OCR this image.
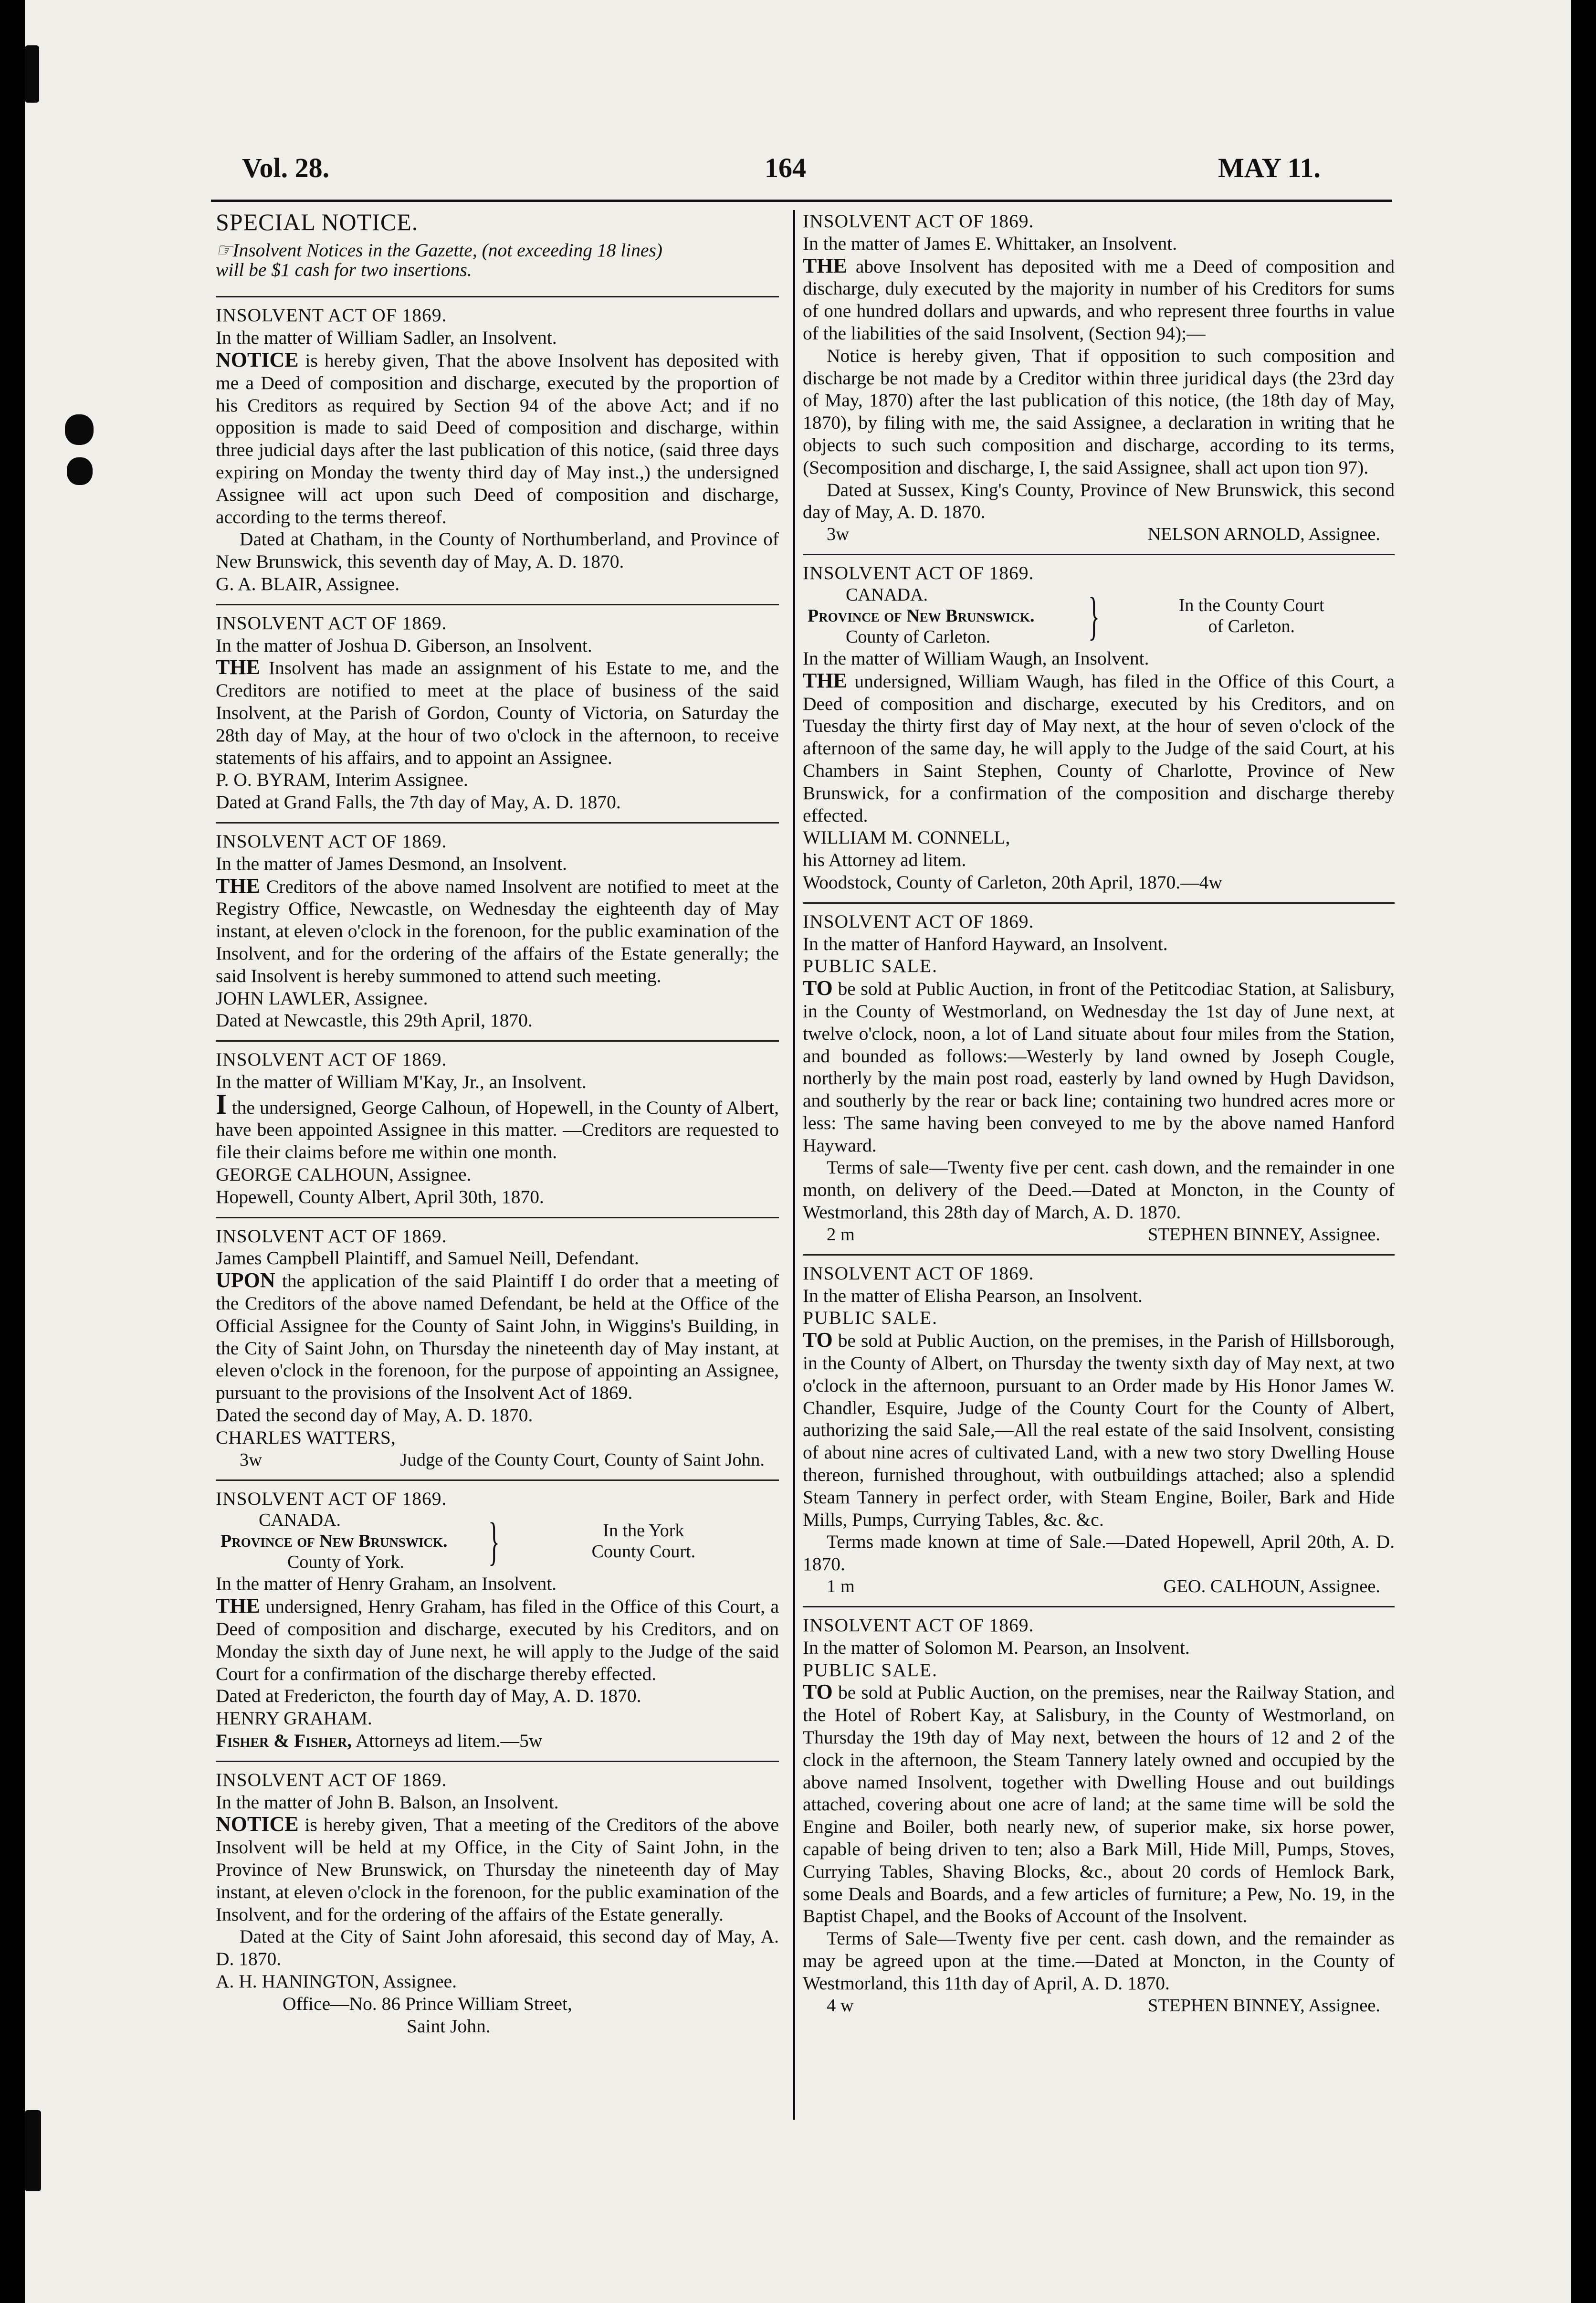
Vol. 28.	164	MAY 11.

SPECIAL NOTICE.

☞Insolvent Notices in the Gazette, (not exceeding 18 lines)

will be $1 cash for two insertions.

INSOLVENT ACT OF 1869.

In the matter of William Sadler, an Insolvent.

NOTICE is hereby given, That the above Insolvent has deposited with me a Deed of composition and discharge, executed by the proportion of his Creditors as required by Section 94 of the above Act; and if no opposition is made to said Deed of composition and discharge, within three judicial days after the last publication of this notice, (said three days expiring on Monday the twenty third day of May inst.,) the undersigned Assignee will act upon such Deed of composition and discharge, according to the terms thereof.

Dated at Chatham, in the County of Northumberland, and Province of New Brunswick, this seventh day of May, A. D. 1870.

G. A. BLAIR, Assignee.

INSOLVENT ACT OF 1869.

In the matter of Joshua D. Giberson, an Insolvent.

THE Insolvent has made an assignment of his Estate to me, and the Creditors are notified to meet at the place of business of the said Insolvent, at the Parish of Gordon, County of Victoria, on Saturday the 28th day of May, at the hour of two o'clock in the afternoon, to receive statements of his affairs, and to appoint an Assignee.

P. O. BYRAM, Interim Assignee.

Dated at Grand Falls, the 7th day of May, A. D. 1870.

INSOLVENT ACT OF 1869.

In the matter of James Desmond, an Insolvent.

THE Creditors of the above named Insolvent are notified to meet at the Registry Office, Newcastle, on Wednesday the eighteenth day of May instant, at eleven o'clock in the forenoon, for the public examination of the Insolvent, and for the ordering of the affairs of the Estate generally; the said Insolvent is hereby summoned to attend such meeting.

JOHN LAWLER, Assignee.

Dated at Newcastle, this 29th April, 1870.

INSOLVENT ACT OF 1869.

In the matter of William M'Kay, Jr., an Insolvent.

I the undersigned, George Calhoun, of Hopewell, in the County of Albert, have been appointed Assignee in this matter. —Creditors are requested to file their claims before me within one month.

GEORGE CALHOUN, Assignee.

Hopewell, County Albert, April 30th, 1870.

INSOLVENT ACT OF 1869.

James Campbell Plaintiff, and Samuel Neill, Defendant.

UPON the application of the said Plaintiff I do order that a meeting of the Creditors of the above named Defendant, be held at the Office of the Official Assignee for the County of Saint John, in Wiggins's Building, in the City of Saint John, on Thursday the nineteenth day of May instant, at eleven o'clock in the forenoon, for the purpose of appointing an Assignee, pursuant to the provisions of the Insolvent Act of 1869.

Dated the second day of May, A. D. 1870.

CHARLES WATTERS,

3w	Judge of the County Court, County of Saint John.

INSOLVENT ACT OF 1869.

CANADA.
Province of New Brunswick.
County of York.	}	In the York
County Court.

In the matter of Henry Graham, an Insolvent.

THE undersigned, Henry Graham, has filed in the Office of this Court, a Deed of composition and discharge, executed by his Creditors, and on Monday the sixth day of June next, he will apply to the Judge of the said Court for a confirmation of the discharge thereby effected.

Dated at Fredericton, the fourth day of May, A. D. 1870.

HENRY GRAHAM.

Fisher & Fisher, Attorneys ad litem.—5w

INSOLVENT ACT OF 1869.

In the matter of John B. Balson, an Insolvent.

NOTICE is hereby given, That a meeting of the Creditors of the above Insolvent will be held at my Office, in the City of Saint John, in the Province of New Brunswick, on Thursday the nineteenth day of May instant, at eleven o'clock in the forenoon, for the public examination of the Insolvent, and for the ordering of the affairs of the Estate generally.

Dated at the City of Saint John aforesaid, this second day of May, A. D. 1870.

A. H. HANINGTON, Assignee.

Office—No. 86 Prince William Street,

Saint John.

INSOLVENT ACT OF 1869.

In the matter of James E. Whittaker, an Insolvent.

THE above Insolvent has deposited with me a Deed of composition and discharge, duly executed by the majority in number of his Creditors for sums of one hundred dollars and upwards, and who represent three fourths in value of the liabilities of the said Insolvent, (Section 94);—

Notice is hereby given, That if opposition to such composition and discharge be not made by a Creditor within three juridical days (the 23rd day of May, 1870) after the last publication of this notice, (the 18th day of May, 1870), by filing with me, the said Assignee, a declaration in writing that he objects to such such composition and discharge, according to its terms, (Secomposition and discharge, I, the said Assignee, shall act upon tion 97).

Dated at Sussex, King's County, Province of New Brunswick, this second day of May, A. D. 1870.

3w	NELSON ARNOLD, Assignee.

INSOLVENT ACT OF 1869.

CANADA.
Province of New Brunswick.
County of Carleton.	}	In the County Court
of Carleton.

In the matter of William Waugh, an Insolvent.

THE undersigned, William Waugh, has filed in the Office of this Court, a Deed of composition and discharge, executed by his Creditors, and on Tuesday the thirty first day of May next, at the hour of seven o'clock of the afternoon of the same day, he will apply to the Judge of the said Court, at his Chambers in Saint Stephen, County of Charlotte, Province of New Brunswick, for a confirmation of the composition and discharge thereby effected.

WILLIAM M. CONNELL,

his Attorney ad litem.

Woodstock, County of Carleton, 20th April, 1870.—4w

INSOLVENT ACT OF 1869.

In the matter of Hanford Hayward, an Insolvent.

PUBLIC SALE.

TO be sold at Public Auction, in front of the Petitcodiac Station, at Salisbury, in the County of Westmorland, on Wednesday the 1st day of June next, at twelve o'clock, noon, a lot of Land situate about four miles from the Station, and bounded as follows:—Westerly by land owned by Joseph Cougle, northerly by the main post road, easterly by land owned by Hugh Davidson, and southerly by the rear or back line; containing two hundred acres more or less: The same having been conveyed to me by the above named Hanford Hayward.

Terms of sale—Twenty five per cent. cash down, and the remainder in one month, on delivery of the Deed.—Dated at Moncton, in the County of Westmorland, this 28th day of March, A. D. 1870.

2 m	STEPHEN BINNEY, Assignee.

INSOLVENT ACT OF 1869.

In the matter of Elisha Pearson, an Insolvent.

PUBLIC SALE.

TO be sold at Public Auction, on the premises, in the Parish of Hillsborough, in the County of Albert, on Thursday the twenty sixth day of May next, at two o'clock in the afternoon, pursuant to an Order made by His Honor James W. Chandler, Esquire, Judge of the County Court for the County of Albert, authorizing the said Sale,—All the real estate of the said Insolvent, consisting of about nine acres of cultivated Land, with a new two story Dwelling House thereon, furnished throughout, with outbuildings attached; also a splendid Steam Tannery in perfect order, with Steam Engine, Boiler, Bark and Hide Mills, Pumps, Currying Tables, &c. &c.

Terms made known at time of Sale.—Dated Hopewell, April 20th, A. D. 1870.

1 m	GEO. CALHOUN, Assignee.

INSOLVENT ACT OF 1869.

In the matter of Solomon M. Pearson, an Insolvent.

PUBLIC SALE.

TO be sold at Public Auction, on the premises, near the Railway Station, and the Hotel of Robert Kay, at Salisbury, in the County of Westmorland, on Thursday the 19th day of May next, between the hours of 12 and 2 of the clock in the afternoon, the Steam Tannery lately owned and occupied by the above named Insolvent, together with Dwelling House and out buildings attached, covering about one acre of land; at the same time will be sold the Engine and Boiler, both nearly new, of superior make, six horse power, capable of being driven to ten; also a Bark Mill, Hide Mill, Pumps, Stoves, Currying Tables, Shaving Blocks, &c., about 20 cords of Hemlock Bark, some Deals and Boards, and a few articles of furniture; a Pew, No. 19, in the Baptist Chapel, and the Books of Account of the Insolvent.

Terms of Sale—Twenty five per cent. cash down, and the remainder as may be agreed upon at the time.—Dated at Moncton, in the County of Westmorland, this 11th day of April, A. D. 1870.

4 w	STEPHEN BINNEY, Assignee.
